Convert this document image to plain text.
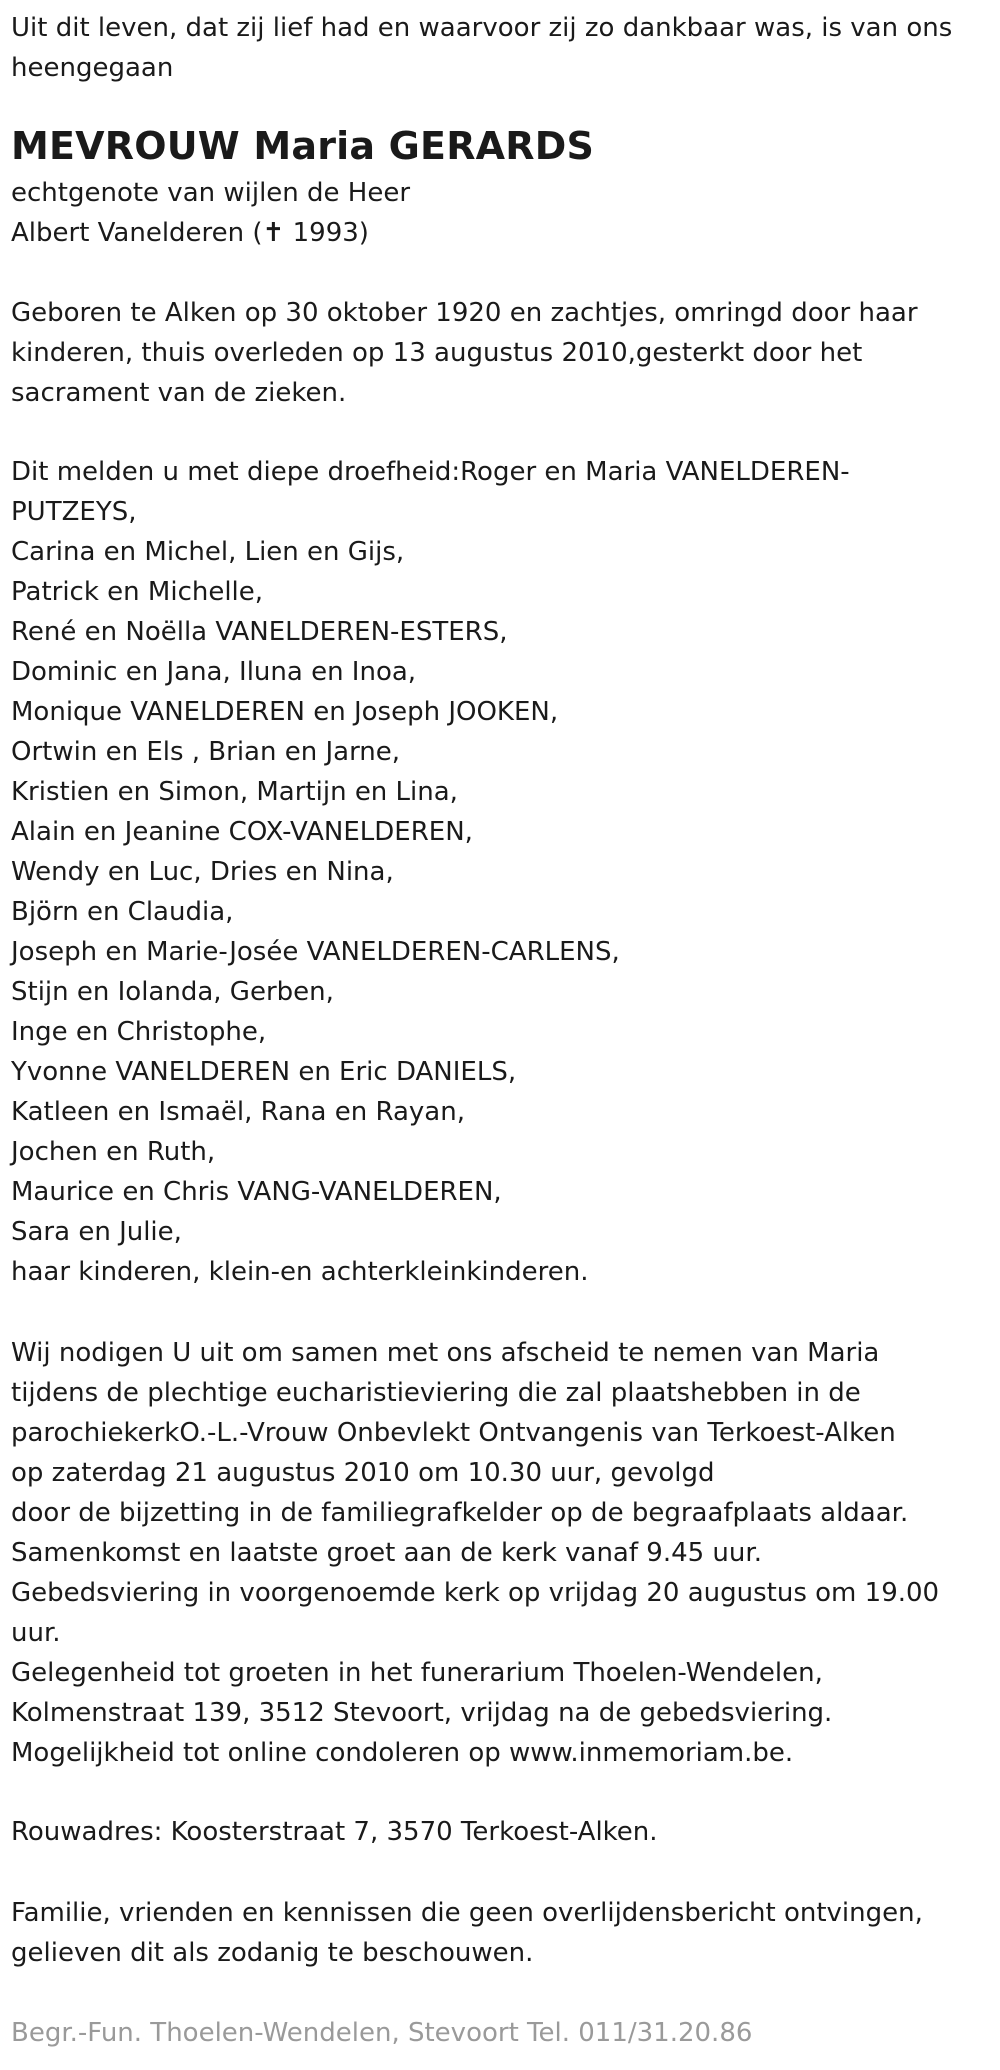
Uit dit leven, dat zij lief had en waarvoor zij zo dankbaar was, is van ons
heengegaan
MEVROUW Maria GERARDS
echtgenote van wijlen de Heer
Albert Vanelderen (✝ 1993)
Geboren te Alken op 30 oktober 1920 en zachtjes, omringd door haar
kinderen, thuis overleden op 13 augustus 2010,gesterkt door het
sacrament van de zieken.
Dit melden u met diepe droefheid:Roger en Maria VANELDEREN-
PUTZEYS,
Carina en Michel, Lien en Gijs,
Patrick en Michelle,
René en Noëlla VANELDEREN-ESTERS,
Dominic en Jana, Iluna en Inoa,
Monique VANELDEREN en Joseph JOOKEN,
Ortwin en Els , Brian en Jarne,
Kristien en Simon, Martijn en Lina,
Alain en Jeanine COX-VANELDEREN,
Wendy en Luc, Dries en Nina,
Björn en Claudia,
Joseph en Marie-Josée VANELDEREN-CARLENS,
Stijn en Iolanda, Gerben,
Inge en Christophe,
Yvonne VANELDEREN en Eric DANIELS,
Katleen en Ismaël, Rana en Rayan,
Jochen en Ruth,
Maurice en Chris VANG-VANELDEREN,
Sara en Julie,
haar kinderen, klein-en achterkleinkinderen.
Wij nodigen U uit om samen met ons afscheid te nemen van Maria
tijdens de plechtige eucharistieviering die zal plaatshebben in de
parochiekerkO.-L.-Vrouw Onbevlekt Ontvangenis van Terkoest-Alken
op zaterdag 21 augustus 2010 om 10.30 uur, gevolgd
door de bijzetting in de familiegrafkelder op de begraafplaats aldaar.
Samenkomst en laatste groet aan de kerk vanaf 9.45 uur.
Gebedsviering in voorgenoemde kerk op vrijdag 20 augustus om 19.00
uur.
Gelegenheid tot groeten in het funerarium Thoelen-Wendelen,
Kolmenstraat 139, 3512 Stevoort, vrijdag na de gebedsviering.
Mogelijkheid tot online condoleren op www.inmemoriam.be.
Rouwadres: Koosterstraat 7, 3570 Terkoest-Alken.
Familie, vrienden en kennissen die geen overlijdensbericht ontvingen,
gelieven dit als zodanig te beschouwen.
Begr.-Fun. Thoelen-Wendelen, Stevoort Tel. 011/31.20.86
